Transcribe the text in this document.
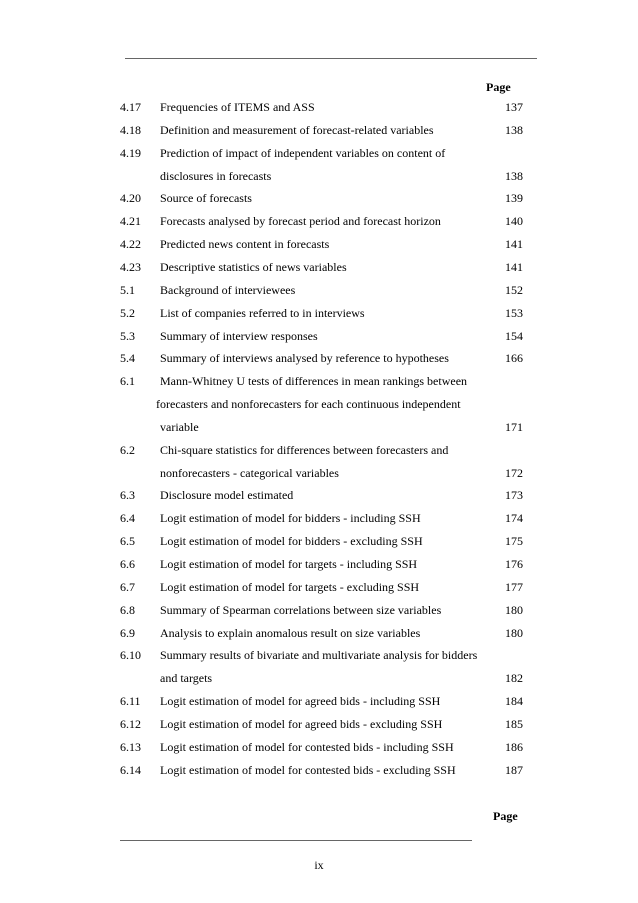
Page
4.17 Frequencies of ITEMS and ASS	137
4.18 Definition and measurement of forecast-related variables	138
4.19 Prediction of impact of independent variables on content of
disclosures in forecasts	138
4.20 Source of forecasts	139
4.21 Forecasts analysed by forecast period and forecast horizon	140
4.22 Predicted news content in forecasts	141
4.23 Descriptive statistics of news variables	141
5.1 Background of interviewees	152
5.2 List of companies referred to in interviews	153
5.3 Summary of interview responses	154
5.4 Summary of interviews analysed by reference to hypotheses	166
6.1 Mann-Whitney U tests of differences in mean rankings between
forecasters and nonforecasters for each continuous independent
variable	171
6.2 Chi-square statistics for differences between forecasters and
nonforecasters - categorical variables	172
6.3 Disclosure model estimated	173
6.4 Logit estimation of model for bidders - including SSH	174
6.5 Logit estimation of model for bidders - excluding SSH	175
6.6 Logit estimation of model for targets - including SSH	176
6.7 Logit estimation of model for targets - excluding SSH	177
6.8 Summary of Spearman correlations between size variables	180
6.9 Analysis to explain anomalous result on size variables	180
6.10 Summary results of bivariate and multivariate analysis for bidders
and targets	182
6.11 Logit estimation of model for agreed bids - including SSH	184
6.12 Logit estimation of model for agreed bids - excluding SSH	185
6.13 Logit estimation of model for contested bids - including SSH	186
6.14 Logit estimation of model for contested bids - excluding SSH	187
Page
ix
